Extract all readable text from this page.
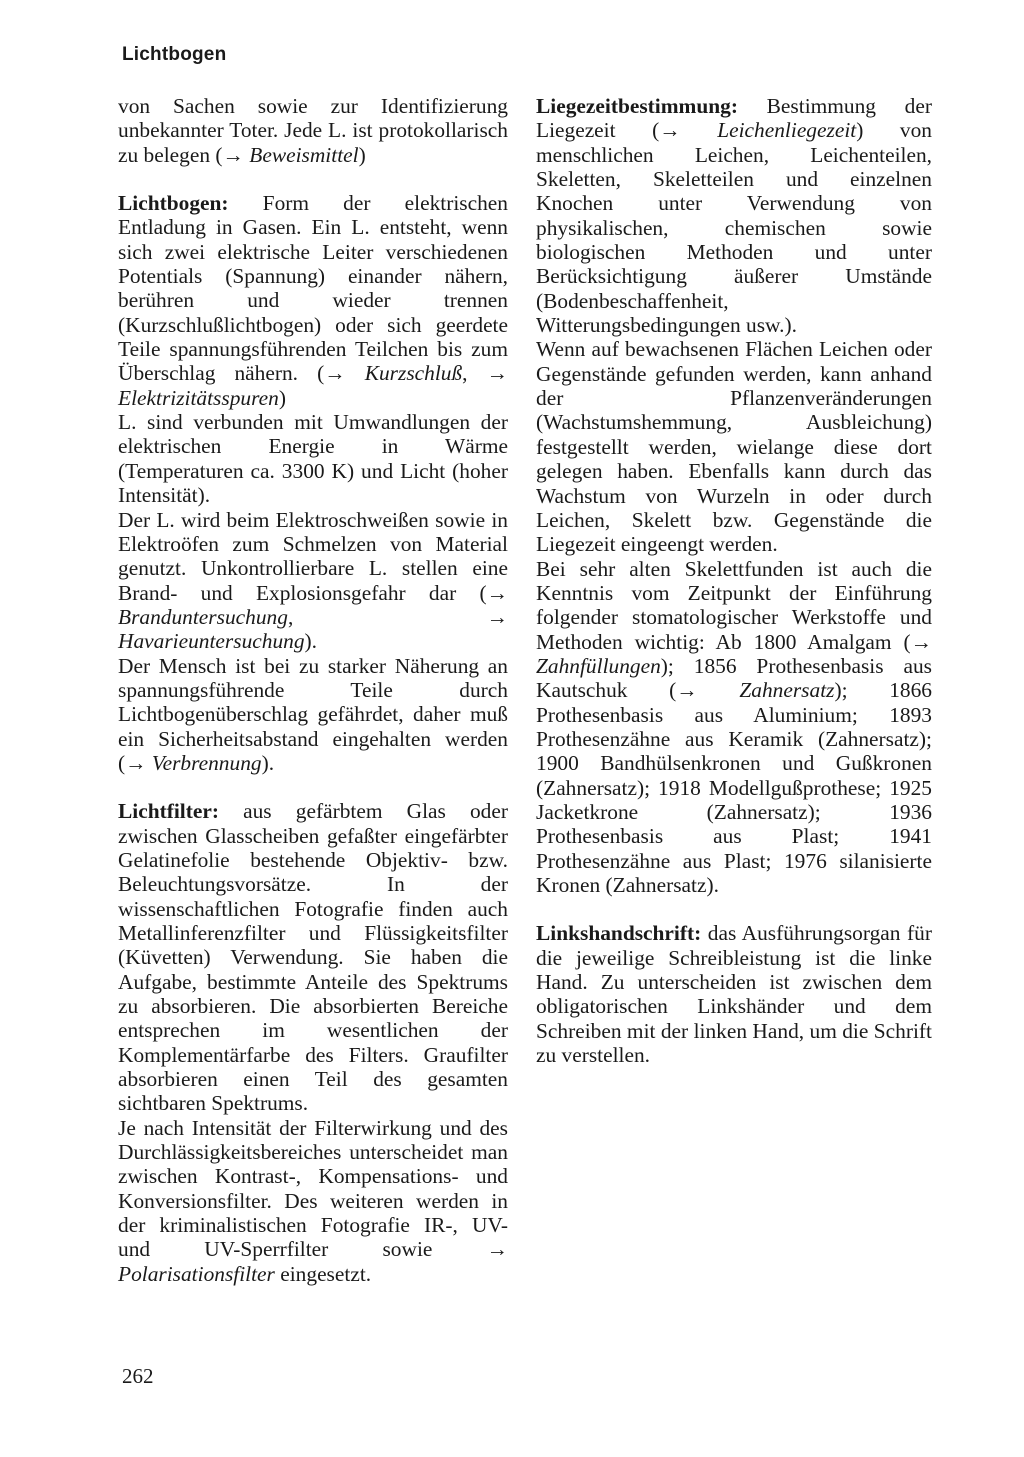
Lichtbogen

von Sachen sowie zur Identifizierung unbekannter Toter. Jede L. ist protokollarisch zu belegen (→ Beweismittel)

Lichtbogen: Form der elektrischen Entladung in Gasen. Ein L. entsteht, wenn sich zwei elektrische Leiter verschiedenen Potentials (Spannung) einander nähern, berühren und wieder trennen (Kurzschlußlichtbogen) oder sich geerdete Teile spannungsführenden Teilchen bis zum Überschlag nähern. (→ Kurzschluß, → Elektrizitätsspuren)

L. sind verbunden mit Umwandlungen der elektrischen Energie in Wärme (Temperaturen ca. 3300 K) und Licht (hoher Intensität).

Der L. wird beim Elektroschweißen sowie in Elektroöfen zum Schmelzen von Material genutzt. Unkontrollierbare L. stellen eine Brand- und Explosionsgefahr dar (→ Branduntersuchung, → Havarieuntersuchung).

Der Mensch ist bei zu starker Näherung an spannungsführende Teile durch Lichtbogenüberschlag gefährdet, daher muß ein Sicherheitsabstand eingehalten werden (→ Verbrennung).

Lichtfilter: aus gefärbtem Glas oder zwischen Glasscheiben gefaßter eingefärbter Gelatinefolie bestehende Objektiv- bzw. Beleuchtungsvorsätze. In der wissenschaftlichen Fotografie finden auch Metallinferenzfilter und Flüssigkeitsfilter (Küvetten) Verwendung. Sie haben die Aufgabe, bestimmte Anteile des Spektrums zu absorbieren. Die absorbierten Bereiche entsprechen im wesentlichen der Komplementärfarbe des Filters. Graufilter absorbieren einen Teil des gesamten sichtbaren Spektrums.

Je nach Intensität der Filterwirkung und des Durchlässigkeitsbereiches unterscheidet man zwischen Kontrast-, Kompensations- und Konversionsfilter. Des weiteren werden in der kriminalistischen Fotografie IR-, UV- und UV-Sperrfilter sowie → Polarisationsfilter eingesetzt.

Liegezeitbestimmung: Bestimmung der Liegezeit (→ Leichenliegezeit) von menschlichen Leichen, Leichenteilen, Skeletten, Skeletteilen und einzelnen Knochen unter Verwendung von physikalischen, chemischen sowie biologischen Methoden und unter Berücksichtigung äußerer Umstände (Bodenbeschaffenheit, Witterungsbedingungen usw.).

Wenn auf bewachsenen Flächen Leichen oder Gegenstände gefunden werden, kann anhand der Pflanzenveränderungen (Wachstumshemmung, Ausbleichung) festgestellt werden, wielange diese dort gelegen haben. Ebenfalls kann durch das Wachstum von Wurzeln in oder durch Leichen, Skelett bzw. Gegenstände die Liegezeit eingeengt werden.

Bei sehr alten Skelettfunden ist auch die Kenntnis vom Zeitpunkt der Einführung folgender stomatologischer Werkstoffe und Methoden wichtig: Ab 1800 Amalgam (→ Zahnfüllungen); 1856 Prothesenbasis aus Kautschuk (→ Zahnersatz); 1866 Prothesenbasis aus Aluminium; 1893 Prothesenzähne aus Keramik (Zahnersatz); 1900 Bandhülsenkronen und Gußkronen (Zahnersatz); 1918 Modellgußprothese; 1925 Jacketkrone (Zahnersatz); 1936 Prothesenbasis aus Plast; 1941 Prothesenzähne aus Plast; 1976 silanisierte Kronen (Zahnersatz).

Linkshandschrift: das Ausführungsorgan für die jeweilige Schreibleistung ist die linke Hand. Zu unterscheiden ist zwischen dem obligatorischen Linkshänder und dem Schreiben mit der linken Hand, um die Schrift zu verstellen.

262
